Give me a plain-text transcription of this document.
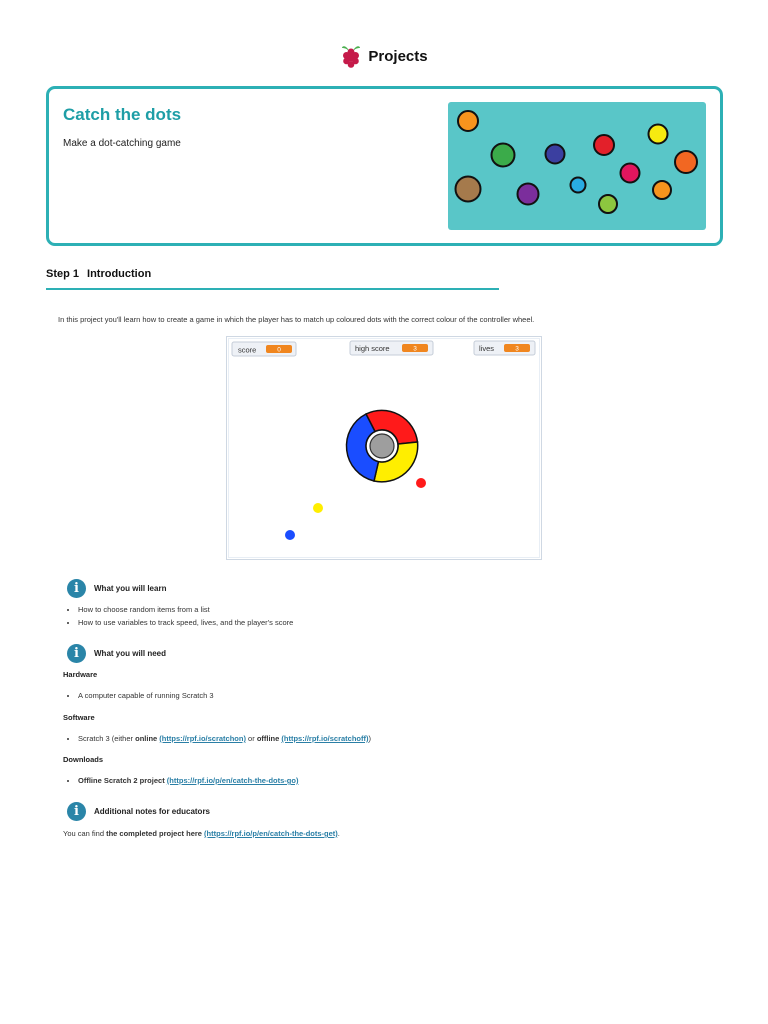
Projects
Catch the dots
Make a dot-catching game
Step 1 Introduction
In this project you'll learn how to create a game in which the player has to match up coloured dots with the correct colour of the controller wheel.
score	0	high score	3	lives	3
i	What you will learn
• How to choose random items from a list
• How to use variables to track speed, lives, and the player's score
i	What you will need
Hardware
• A computer capable of running Scratch 3
Software
• Scratch 3 (either online (https://rpf.io/scratchon) or offline (https://rpf.io/scratchoff))
Downloads
• Offline Scratch 2 project (https://rpf.io/p/en/catch-the-dots-go)
i	Additional notes for educators
You can find the completed project here (https://rpf.io/p/en/catch-the-dots-get).
